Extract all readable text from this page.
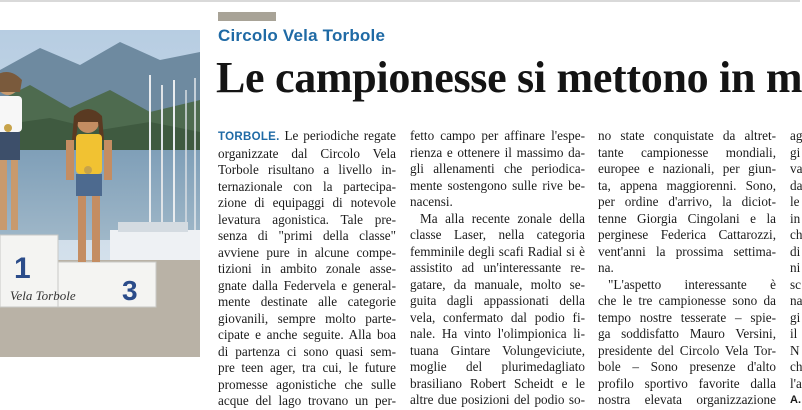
1
3
Vela Torbole
Circolo Vela Torbole
Le campionesse si mettono in m
TORBOLE. Le periodiche regate
organizzate dal Circolo Vela
Torbole risultano a livello in-
ternazionale con la partecipa-
zione di equipaggi di notevole
levatura agonistica. Tale pre-
senza di "primi della classe"
avviene pure in alcune compe-
tizioni in ambito zonale asse-
gnate dalla Federvela e general-
mente destinate alle categorie
giovanili, sempre molto parte-
cipate e anche seguite. Alla boa
di partenza ci sono quasi sem-
pre teen ager, tra cui, le future
promesse agonistiche che sulle
acque del lago trovano un per-
fetto campo per affinare l'espe-
rienza e ottenere il massimo da-
gli allenamenti che periodica-
mente sostengono sulle rive be-
nacensi.
Ma alla recente zonale della
classe Laser, nella categoria
femminile degli scafi Radial si è
assistito ad un'interessante re-
gatare, da manuale, molto se-
guita dagli appassionati della
vela, confermato dal podio fi-
nale. Ha vinto l'olimpionica li-
tuana Gintare Volungeviciute,
moglie del plurimedagliato
brasiliano Robert Scheidt e le
altre due posizioni del podio so-
no state conquistate da altret-
tante campionesse mondiali,
europee e nazionali, per giun-
ta, appena maggiorenni. Sono,
per ordine d'arrivo, la diciot-
tenne Giorgia Cingolani e la
perginese Federica Cattarozzi,
vent'anni la prossima settima-
na.
"L'aspetto interessante è
che le tre campionesse sono da
tempo nostre tesserate – spie-
ga soddisfatto Mauro Versini,
presidente del Circolo Vela Tor-
bole – Sono presenze d'alto
profilo sportivo favorite dalla
nostra elevata organizzazione
ag
gi
va
da
le
in
ch
di
ni
sc
na
gi
il
N
ch
l'a
A.
